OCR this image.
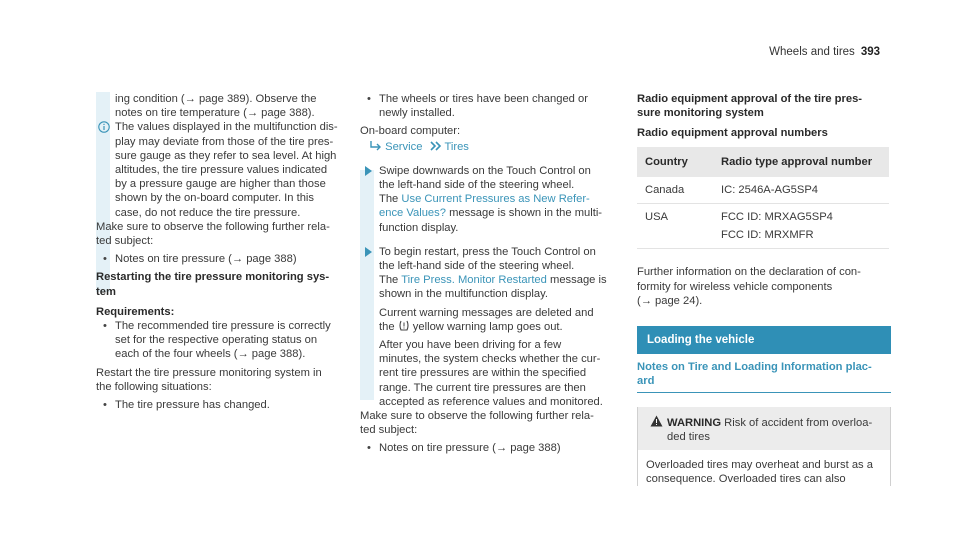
Wheels and tires 393

ing condition (→ page 389). Observe the

notes on tire temperature (→ page 388).

The values displayed in the multifunction dis-

play may deviate from those of the tire pres-

sure gauge as they refer to sea level. At high

altitudes, the tire pressure values indicated

by a pressure gauge are higher than those

shown by the on-board computer. In this

case, do not reduce the tire pressure.

Make sure to observe the following further rela-

ted subject:

• Notes on tire pressure (→ page 388)

Restarting the tire pressure monitoring sys-

tem

Requirements:

• The recommended tire pressure is correctly

set for the respective operating status on

each of the four wheels (→ page 388).

Restart the tire pressure monitoring system in

the following situations:

• The tire pressure has changed.

• The wheels or tires have been changed or

newly installed.

On-board computer:

Service Tires

Swipe downwards on the Touch Control on

the left-hand side of the steering wheel.

The Use Current Pressures as New Refer-

ence Values? message is shown in the multi-

function display.

To begin restart, press the Touch Control on

the left-hand side of the steering wheel.

The Tire Press. Monitor Restarted message is

shown in the multifunction display.

Current warning messages are deleted and

the  yellow warning lamp goes out.

After you have been driving for a few

minutes, the system checks whether the cur-

rent tire pressures are within the specified

range. The current tire pressures are then

accepted as reference values and monitored.

Make sure to observe the following further rela-

ted subject:

• Notes on tire pressure (→ page 388)

Radio equipment approval of the tire pres-

sure monitoring system

Radio equipment approval numbers

Country	Radio type approval number
Canada	IC: 2546A-AG5SP4
USA	FCC ID: MRXAG5SP4
FCC ID: MRXMFR

Further information on the declaration of con-

formity for wireless vehicle components

(→ page 24).

Loading the vehicle

Notes on Tire and Loading Information plac-
ard

WARNING Risk of accident from overloa-

ded tires

Overloaded tires may overheat and burst as a

consequence. Overloaded tires can also
